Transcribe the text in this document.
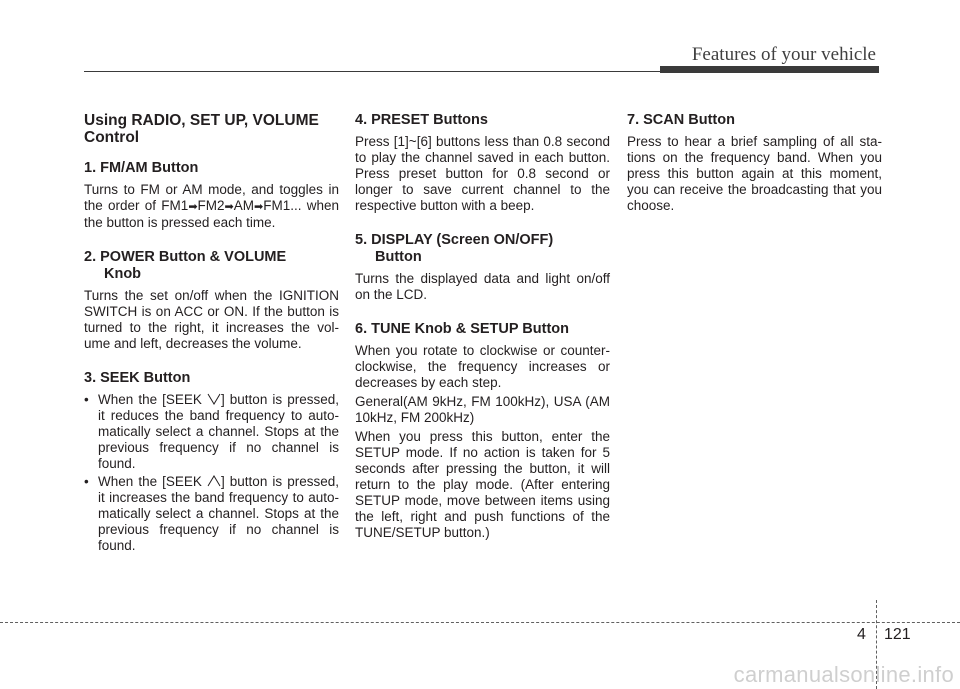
Features of your vehicle
Using RADIO, SET UP, VOLUME Control
1. FM/AM Button

Turns to FM or AM mode, and toggles in the order of FM1➡FM2➡AM➡FM1... when the button is pressed each time.

2. POWER Button & VOLUME
Knob

Turns the set on/off when the IGNITION SWITCH is on ACC or ON. If the button is turned to the right, it increases the vol-ume and left, decreases the volume.

3. SEEK Button
• When the [SEEK ] button is pressed, it reduces the band frequency to auto-matically select a channel. Stops at the previous frequency if no channel is found.
• When the [SEEK ] button is pressed, it increases the band frequency to auto-matically select a channel. Stops at the previous frequency if no channel is found.
4. PRESET Buttons

Press [1]~[6] buttons less than 0.8 second to play the channel saved in each button. Press preset button for 0.8 second or longer to save current channel to the respective button with a beep.

5. DISPLAY (Screen ON/OFF)
Button

Turns the displayed data and light on/off on the LCD.

6. TUNE Knob & SETUP Button

When you rotate to clockwise or counter-clockwise, the frequency increases or decreases by each step.

General(AM 9kHz, FM 100kHz), USA (AM 10kHz, FM 200kHz)

When you press this button, enter the SETUP mode. If no action is taken for 5 seconds after pressing the button, it will return to the play mode. (After entering SETUP mode, move between items using the left, right and push functions of the TUNE/SETUP button.)

7. SCAN Button

Press to hear a brief sampling of all sta-tions on the frequency band. When you press this button again at this moment, you can receive the broadcasting that you choose.

4 121
carmanualsonline.info
